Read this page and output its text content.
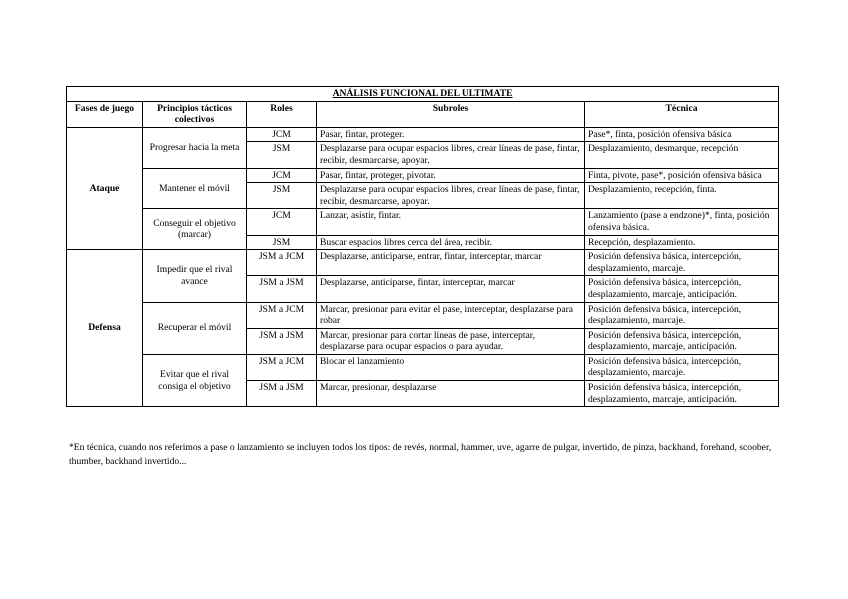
ANÁLISIS FUNCIONAL DEL ULTIMATE				
Fases de juego	Principios tácticos colectivos	Roles	Subroles	Técnica
Ataque	Progresar hacia la meta	JCM	Pasar, fintar, proteger.	Pase*, finta, posición ofensiva básica
		JSM	Desplazarse para ocupar espacios libres, crear líneas de pase, fintar, recibir, desmarcarse, apoyar.	Desplazamiento, desmarque, recepción
	Mantener el móvil	JCM	Pasar, fintar, proteger, pivotar.	Finta, pivote, pase*, posición ofensiva básica
		JSM	Desplazarse para ocupar espacios libres, crear líneas de pase, fintar, recibir, desmarcarse, apoyar.	Desplazamiento, recepción, finta.
	Conseguir el objetivo (marcar)	JCM	Lanzar, asistir, fintar.	Lanzamiento (pase a endzone)*, finta, posición ofensiva básica.
		JSM	Buscar espacios libres cerca del área, recibir.	Recepción, desplazamiento.
Defensa	Impedir que el rival avance	JSM a JCM	Desplazarse, anticiparse, entrar, fintar, interceptar, marcar	Posición defensiva básica, intercepción, desplazamiento, marcaje.
		JSM a JSM	Desplazarse, anticiparse, fintar, interceptar, marcar	Posición defensiva básica, intercepción, desplazamiento, marcaje, anticipación.
	Recuperar el móvil	JSM a JCM	Marcar, presionar para evitar el pase, interceptar, desplazarse para robar	Posición defensiva básica, intercepción, desplazamiento, marcaje.
		JSM a JSM	Marcar, presionar para cortar líneas de pase, interceptar, desplazarse para ocupar espacios o para ayudar.	Posición defensiva básica, intercepción, desplazamiento, marcaje, anticipación.
	Evitar que el rival consiga el objetivo	JSM a JCM	Blocar el lanzamiento	Posición defensiva básica, intercepción, desplazamiento, marcaje.
		JSM a JSM	Marcar, presionar, desplazarse	Posición defensiva básica, intercepción, desplazamiento, marcaje, anticipación.
*En técnica, cuando nos referimos a pase o lanzamiento se incluyen todos los tipos: de revés, normal, hammer, uve, agarre de pulgar, invertido, de pinza, backhand, forehand, scoober, thumber, backhand invertido...
